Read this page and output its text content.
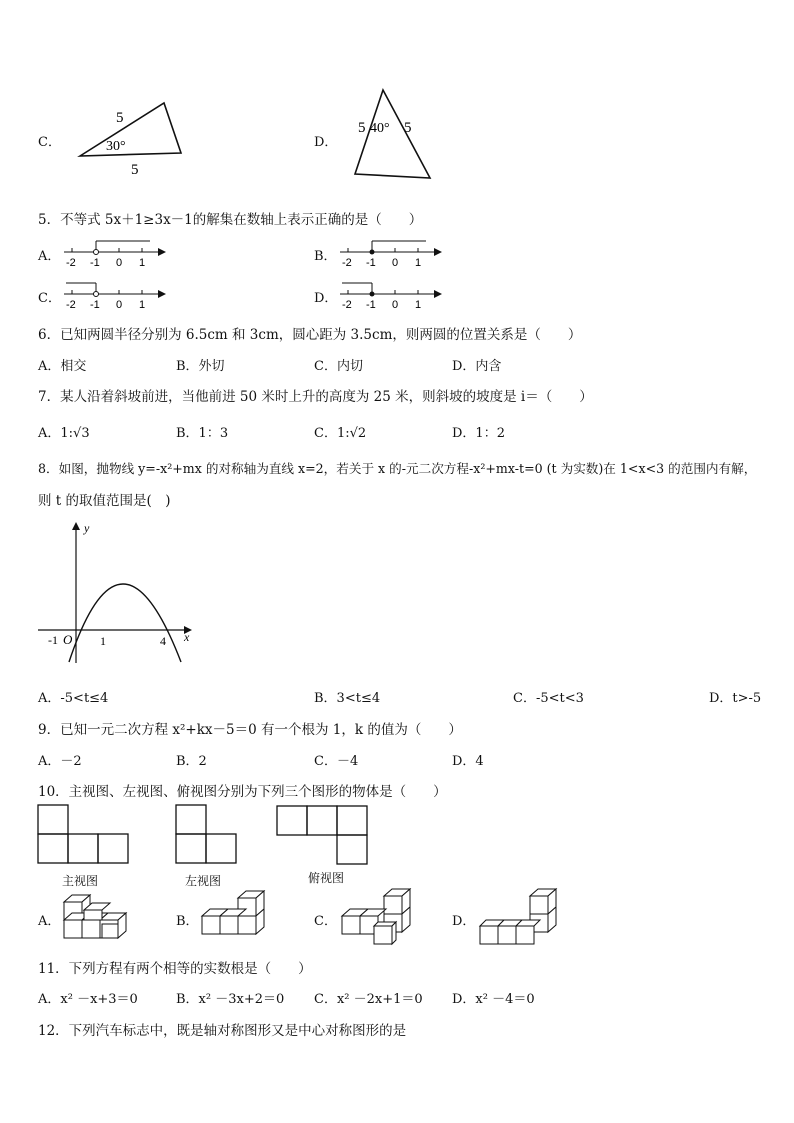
C．
5
30°
5
D．
5 40° 5
5．不等式 5x＋1≥3x－1的解集在数轴上表示正确的是（　　）
A． -2 -1 0 1	B． -2 -1 0 1
C． -2 -1 0 1	D． -2 -1 0 1
6．已知两圆半径分别为 6.5cm 和 3cm，圆心距为 3.5cm，则两圆的位置关系是（　　）
A．相交	B．外切	C．内切	D．内含
7．某人沿着斜坡前进，当他前进 50 米时上升的高度为 25 米，则斜坡的坡度是 i＝（　　）
A．1:√3	B．1：3	C．1:√2	D．1：2
8．如图，抛物线 y=-x²+mx 的对称轴为直线 x=2，若关于 x 的-元二次方程-x²+mx-t=0 (t 为实数)在 1<x<3 的范围内有解，
则 t 的取值范围是(　)
y
x
-1 O 1	4
A．-5<t≤4	B．3<t≤4	C．-5<t<3	D．t>-5
9．已知一元二次方程 x²+kx－5＝0 有一个根为 1，k 的值为（　　）
A．－2	B．2	C．－4	D．4
10．主视图、左视图、俯视图分别为下列三个图形的物体是（　　）
主视图	左视图	俯视图
A．	B．	C．	D．
11．下列方程有两个相等的实数根是（　　）
A．x² －x+3＝0	B．x² －3x+2＝0 C．x² －2x+1＝0 D．x² －4＝0
12．下列汽车标志中，既是轴对称图形又是中心对称图形的是
